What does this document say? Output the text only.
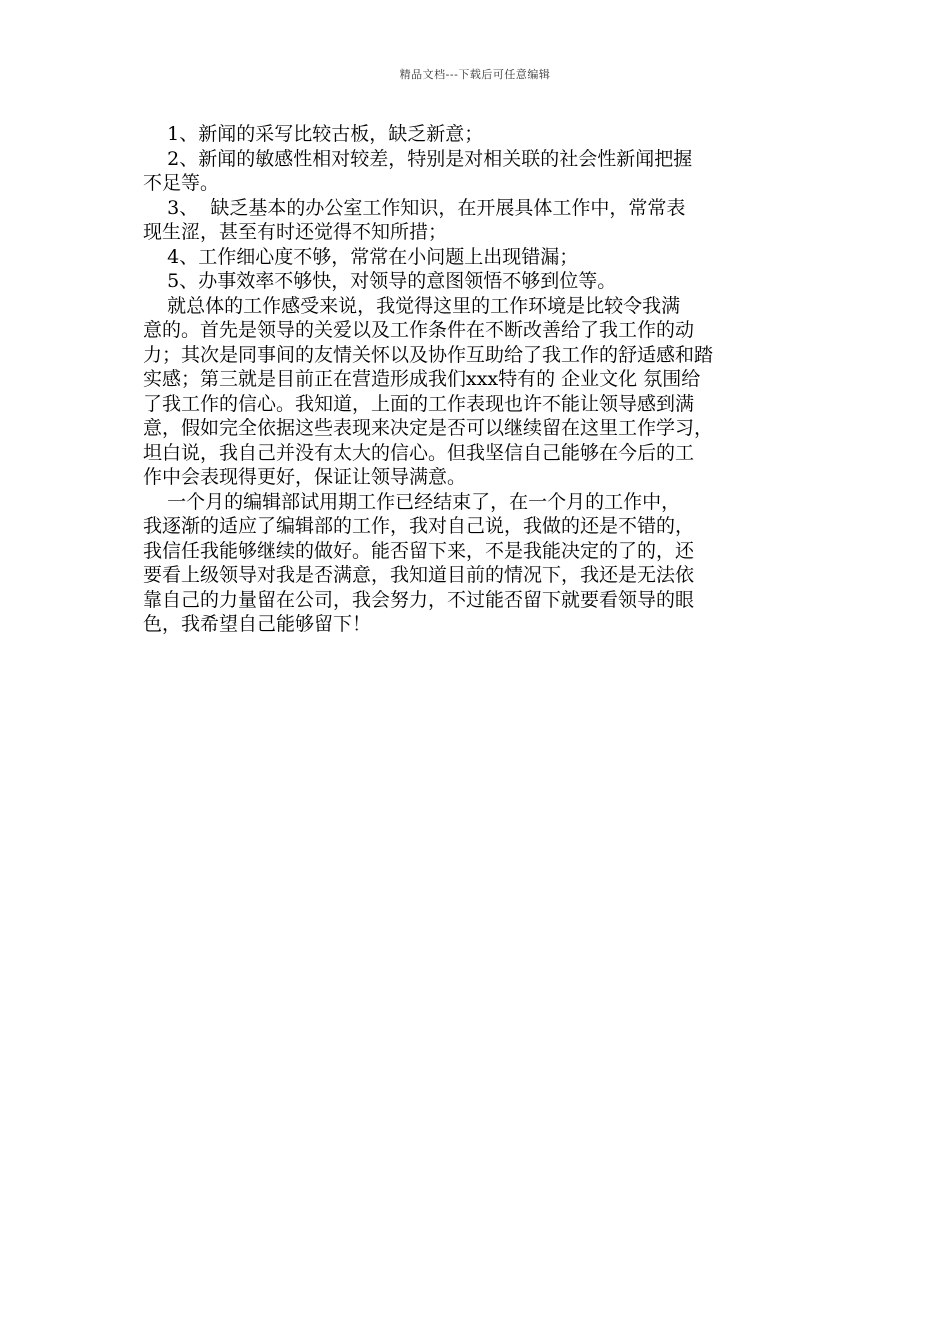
精品文档---下载后可任意编辑
1、新闻的采写比较古板，缺乏新意；
2、新闻的敏感性相对较差，特别是对相关联的社会性新闻把握
不足等。
3、  缺乏基本的办公室工作知识，在开展具体工作中，常常表
现生涩，甚至有时还觉得不知所措；
4、工作细心度不够，常常在小问题上出现错漏；
5、办事效率不够快，对领导的意图领悟不够到位等。
就总体的工作感受来说，我觉得这里的工作环境是比较令我满
意的。首先是领导的关爱以及工作条件在不断改善给了我工作的动
力；其次是同事间的友情关怀以及协作互助给了我工作的舒适感和踏
实感；第三就是目前正在营造形成我们xxx特有的 企业文化 氛围给
了我工作的信心。我知道，上面的工作表现也许不能让领导感到满
意，假如完全依据这些表现来决定是否可以继续留在这里工作学习，
坦白说，我自己并没有太大的信心。但我坚信自己能够在今后的工
作中会表现得更好，保证让领导满意。
一个月的编辑部试用期工作已经结束了，在一个月的工作中，
我逐渐的适应了编辑部的工作，我对自己说，我做的还是不错的，
我信任我能够继续的做好。能否留下来，不是我能决定的了的，还
要看上级领导对我是否满意，我知道目前的情况下，我还是无法依
靠自己的力量留在公司，我会努力，不过能否留下就要看领导的眼
色，我希望自己能够留下！
